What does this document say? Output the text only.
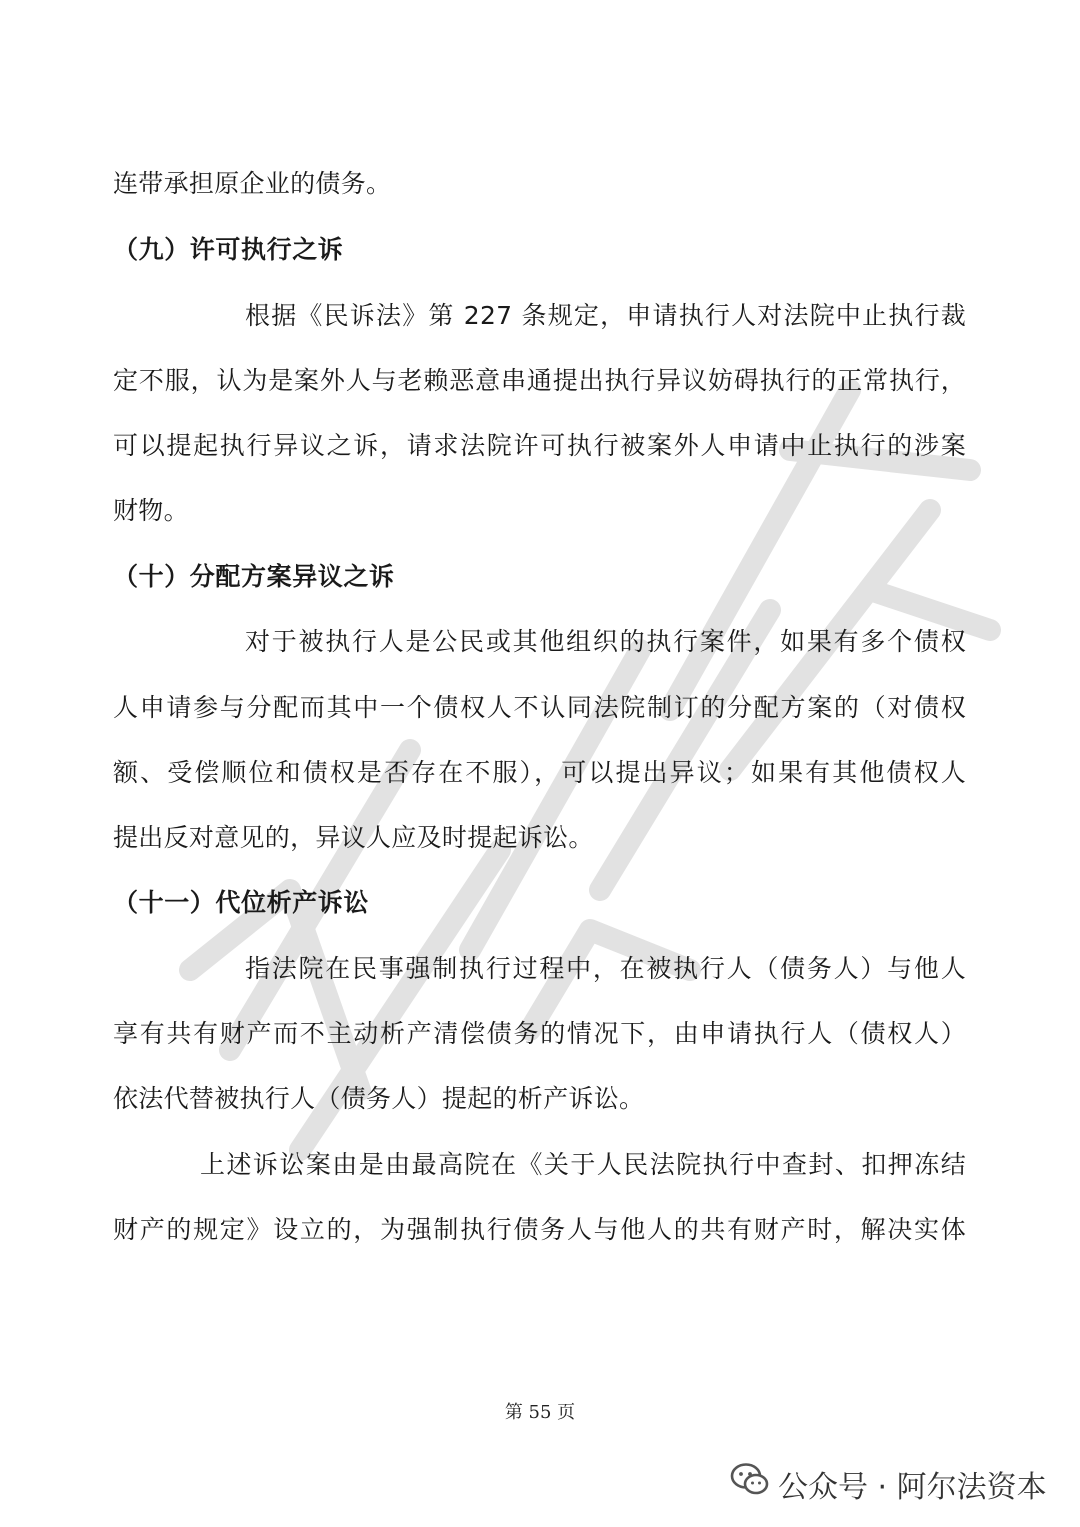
连带承担原企业的债务。
（九）许可执行之诉
根据《民诉法》第 227 条规定，申请执行人对法院中止执行裁
定不服，认为是案外人与老赖恶意串通提出执行异议妨碍执行的正常执行，
可以提起执行异议之诉，请求法院许可执行被案外人申请中止执行的涉案
财物。
（十）分配方案异议之诉
对于被执行人是公民或其他组织的执行案件，如果有多个债权
人申请参与分配而其中一个债权人不认同法院制订的分配方案的（对债权
额、受偿顺位和债权是否存在不服），可以提出异议；如果有其他债权人
提出反对意见的，异议人应及时提起诉讼。
（十一）代位析产诉讼
指法院在民事强制执行过程中，在被执行人（债务人）与他人
享有共有财产而不主动析产清偿债务的情况下，由申请执行人（债权人）
依法代替被执行人（债务人）提起的析产诉讼。
上述诉讼案由是由最高院在《关于人民法院执行中查封、扣押冻结
财产的规定》设立的，为强制执行债务人与他人的共有财产时，解决实体
第 55 页
公众号 · 阿尔法资本
